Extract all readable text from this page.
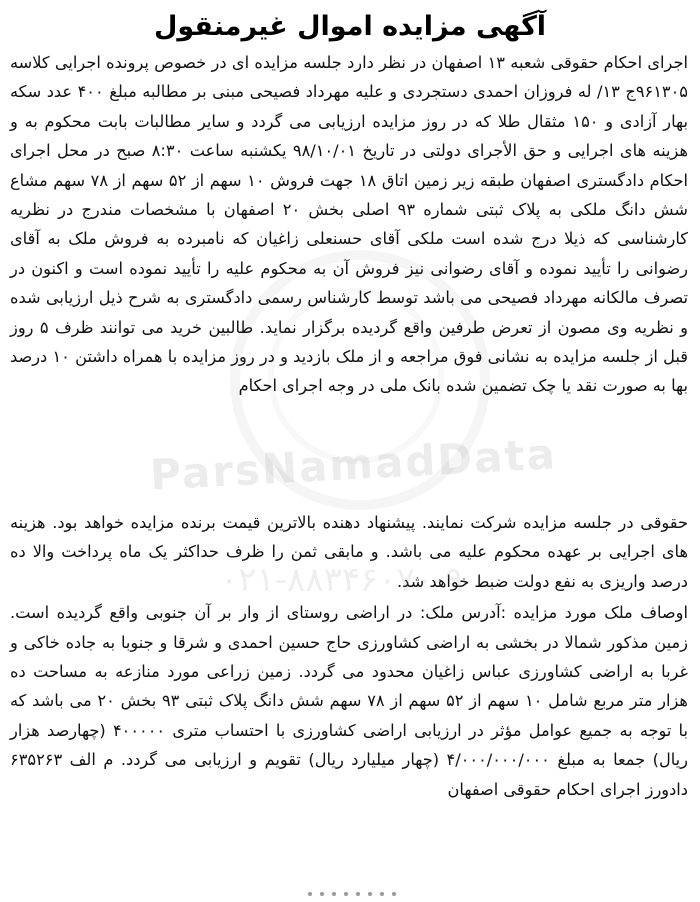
آگهی مزایده اموال غیرمنقول

اجرای احکام حقوقی شعبه ۱۳ اصفهان در نظر دارد جلسه مزایده ای در خصوص پرونده اجرایی کلاسه ۹۶۱۳۰۵ج ۱۳/ له فروزان احمدی دستجردی و علیه مهرداد فصیحی مبنی بر مطالبه مبلغ ۴۰۰ عدد سکه بهار آزادی و ۱۵۰ مثقال طلا که در روز مزایده ارزیابی می گردد و سایر مطالبات بابت محکوم به و هزینه های اجرایی و حق الأجرای دولتی در تاریخ ۹۸/۱۰/۰۱ یکشنبه ساعت ۸:۳۰ صبح در محل اجرای احکام دادگستری اصفهان طبقه زیر زمین اتاق ۱۸ جهت فروش ۱۰ سهم از ۵۲ سهم از ۷۸ سهم مشاع شش دانگ ملکی به پلاک ثبتی شماره ۹۳ اصلی بخش ۲۰ اصفهان با مشخصات مندرج در نظریه کارشناسی که ذیلا درج شده است ملکی آقای حسنعلی زاغیان که نامبرده به فروش ملک به آقای رضوانی را تأیید نموده و آقای رضوانی نیز فروش آن به محکوم علیه را تأیید نموده است و اکنون در تصرف مالکانه مهرداد فصیحی می باشد توسط کارشناس رسمی دادگستری به شرح ذیل ارزیابی شده و نظریه وی مصون از تعرض طرفین واقع گردیده برگزار نماید. طالبین خرید می توانند ظرف ۵ روز قبل از جلسه مزایده به نشانی فوق مراجعه و از ملک بازدید و در روز مزایده با همراه داشتن ۱۰ درصد بها به صورت نقد یا چک تضمین شده بانک ملی در وجه اجرای احکام

حقوقی در جلسه مزایده شرکت نمایند. پیشنهاد دهنده بالاترین قیمت برنده مزایده خواهد بود. هزینه های اجرایی بر عهده محکوم علیه می باشد. و مابقی ثمن را ظرف حداکثر یک ماه پرداخت والا ده درصد واریزی به نفع دولت ضبط خواهد شد.

اوصاف ملک مورد مزایده :آدرس ملک: در اراضی روستای از وار بر آن جنوبی واقع گردیده است. زمین مذکور شمالا در بخشی به اراضی کشاورزی حاج حسین احمدی و شرقا و جنوبا به جاده خاکی و غربا به اراضی کشاورزی عباس زاغیان محدود می گردد. زمین زراعی مورد منازعه به مساحت ده هزار متر مربع شامل ۱۰ سهم از ۵۲ سهم از ۷۸ سهم شش دانگ پلاک ثبتی ۹۳ بخش ۲۰ می باشد که با توجه به جمیع عوامل مؤثر در ارزیابی اراضی کشاورزی با احتساب متری ۴۰۰۰۰۰ (چهارصد هزار ریال) جمعا به مبلغ ۴/۰۰۰/۰۰۰/۰۰۰ (چهار میلیارد ریال) تقویم و ارزیابی می گردد. م الف ۶۳۵۲۶۳ دادورز اجرای احکام حقوقی اصفهان

ParsNamadData
۰۲۱-۸۸۳۴۶۰۷۰-۹
